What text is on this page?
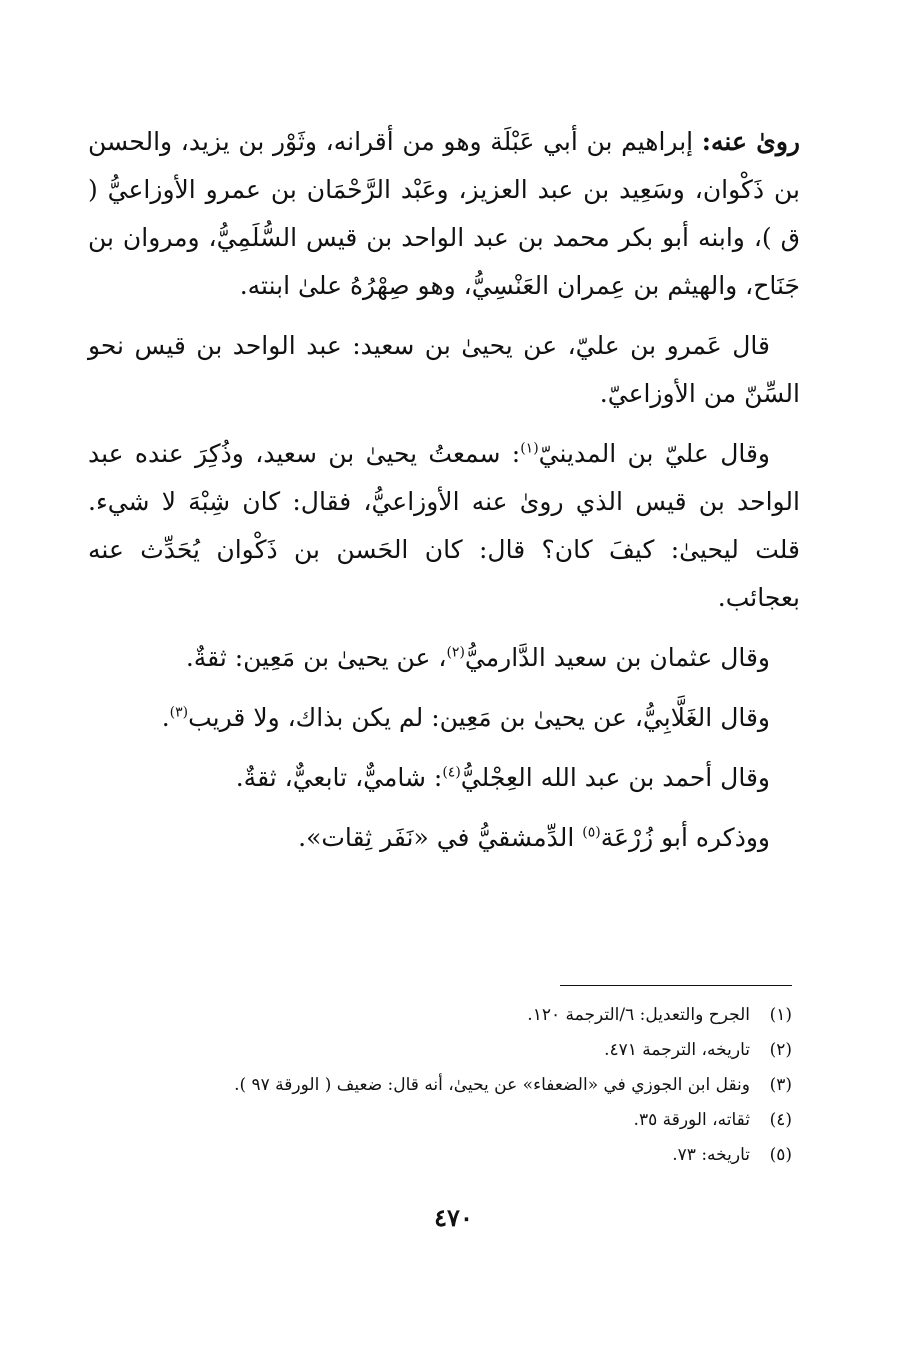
روىٰ عنه: إبراهيم بن أبي عَبْلَة وهو من أقرانه، وثَوْر بن يزيد، والحسن بن ذَكْوان، وسَعِيد بن عبد العزيز، وعَبْد الرَّحْمَان بن عمرو الأوزاعيُّ ( ق )، وابنه أبو بكر محمد بن عبد الواحد بن قيس السُّلَمِيُّ، ومروان بن جَنَاح، والهيثم بن عِمران العَنْسِيُّ، وهو صِهْرُهُ علىٰ ابنته.

قال عَمرو بن عليّ، عن يحيىٰ بن سعيد: عبد الواحد بن قيس نحو السِّنّ من الأوزاعيّ.

وقال عليّ بن المدينيّ$^{(١)}$: سمعتُ يحيىٰ بن سعيد، وذُكِرَ عنده عبد الواحد بن قيس الذي روىٰ عنه الأوزاعيُّ، فقال: كان شِبْهَ لا شيء. قلت ليحيىٰ: كيفَ كان؟ قال: كان الحَسن بن ذَكْوان يُحَدِّث عنه بعجائب.

وقال عثمان بن سعيد الدَّارميُّ$^{(٢)}$، عن يحيىٰ بن مَعِين: ثقةٌ.

وقال الغَلَّابِيُّ، عن يحيىٰ بن مَعِين: لم يكن بذاك، ولا قريب$^{(٣)}$.

وقال أحمد بن عبد الله العِجْليُّ$^{(٤)}$: شاميٌّ، تابعيٌّ، ثقةٌ.

ووذكره أبو زُرْعَة$^{(٥)}$ الدِّمشقيُّ في «نَفَر ثِقات».

(١)الجرح والتعديل: ٦/الترجمة ١٢٠.
(٢)تاريخه، الترجمة ٤٧١.
(٣)ونقل ابن الجوزي في «الضعفاء» عن يحيىٰ، أنه قال: ضعيف ( الورقة ٩٧ ).
(٤)ثقاته، الورقة ٣٥.
(٥)تاريخه: ٧٣.
٤٧٠
